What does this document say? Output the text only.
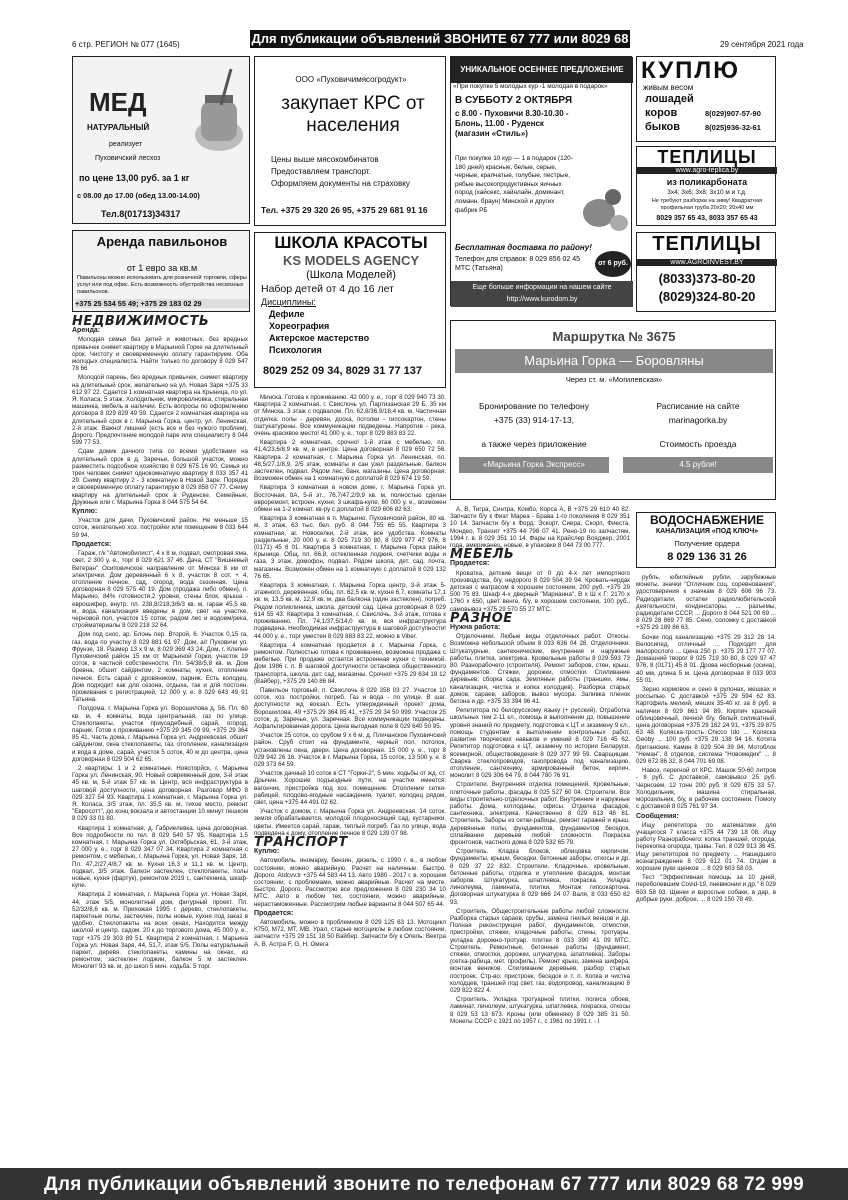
6 стр. РЕГИОН № 077 (1645)	Для публикации объявлений ЗВОНИТЕ 67 777 или 8029 68	29 сентября 2021 года
МЕД
НАТУРАЛЬНЫЙ
реализует
Пуховичский лесхоз
по цене 13,00 руб. за 1 кг
с 08.00 до 17.00 (обед 13.00-14.00)
Тел.8(01713)34317
ООО «Пуховичимясогродукт»
закупает КРС от населения
Цены выше мясокомбинатов
Предоставляем транспорт.
Оформляем документы на страховку
Тел. +375 29 320 26 95, +375 29 681 91 16
УНИКАЛЬНОЕ ОСЕННЕЕ ПРЕДЛОЖЕНИЕ
«При покупке 5 молодых кур -1 молодая в подарок»
В СУББОТУ 2 ОКТЯБРЯ
с 8.00 - Пуховичи 8.30-10.30 - Блонь, 11.00 - Руденск (магазин «Стиль»)
При покупке 10 кур — 1 в подарок (120-180 дней) красные, белые, серые, черные, крапчатые, голубые, пестрые, рябые высокопродуктивных яичных пород (хайсекс, хайнлайн, доминант, ломанн, браун) Минской и других фабрик РБ
Бесплатная доставка по району!
Телефон для справок: 8 029 856 02 45 МТС (Татьяна)
от 6 руб.
Еще больше информации на нашем сайте http://www.kurodom.by
КУПЛЮ
живым весом
лошадей
коров
быков
8(029)907-57-90
8(025)936-32-61
ТЕПЛИЦЫ
www.agro-teplica.by
из поликарбоната
3х4; 3х6; 3х8; 3х10 м и т.д.
Не требуют разборки на зиму! Квадратная профильная труба 20х20; 20х40 мм
8029 357 65 43, 8033 357 65 43
Аренда павильонов
от 1 евро за кв.м
Павильоны можно использовать для розничной торговли, сферы услуг или под офис. Есть возможность обустройства несвязных павильонов.
+375 25 534 55 49; +375 29 183 02 29
ШКОЛА КРАСОТЫ
KS MODELS AGENCY
(Школа Моделей)
Набор детей от 4 до 16 лет
Дисциплины:
Дефиле
Хореография
Актерское мастерство
Психология
8029 252 09 34, 8029 31 77 137
ТЕПЛИЦЫ
www.AGROINVEST.BY
(8033)373-80-20
(8029)324-80-20
Маршрутка № 3675
Марьина Горка — Боровляны
Через ст. м. «Могилевская»
Бронирование по телефону
+375 (33) 914-17-13,
а также через приложение
«Марьина Горка Экспресс»
Расписание на сайте
marinagorka.by
Стоимость проезда
4.5 рубля!
ВОДОСНАБЖЕНИЕ
КАНАЛИЗАЦИЯ «ПОД КЛЮЧ»
Получение ордера
8 029 136 31 26

НЕДВИЖИМОСТЬ

Аренда:

Молодая семья без детей и животных, без вредных привычек снимет квартиру в Марьиной Горке на длительный срок. Чистоту и своевременную оплату гарантируем. Оба молодых специалиста. Найти только по договору 8 029 547 78 66

Молодой парень, без вредных привычек, снимет квартиру на длительный срок, желательно на ул. Новая Заря +375 33 612 97 22. Сдается 1 комнатная квартира на Крыница, по ул. Я. Коласа, 5 этаж. Холодильник, микроволновка, стиральная машинка, мебель в наличии. Есть вопросы по оформлению договора 8 029 829 49 59. Сдается 2 комнатная квартира на длительный срок в г. Марьина Горка, центр, ул. Ленинская, 2-й этаж. Важно! лишней (есть все и без чужого проблем). Дорого. Предпочтение молодой паре или специалисту 8 044 599 77 53.

Сдам домик дачного типа со всеми удобствами на длительный срок в д. Заречье, большой участок, можно разместить подсобное хозяйство 8 029 675 16 90. Семья из трех человек снимет однокомнатную квартиру 8 033 357 41 29. Сниму квартиру 2 - 3 комнатную в Новой Заре. Порядок и своевременную оплату гарантирую 8 029 858 07 77. Сниму квартиру на длительный срок в Руденске. Семейные, Дружные или г. Марьина Горка 8 044 575 54 64.

Куплю:

Участок для дачи, Пуховичский район. Не меньше 15 соток, желательно хоз. постройки или помещение 8 033 644 59 94.

Продается:

Гараж, г/к "Автомобилист", 4 х 8 м, подвал, смотровая яма, свет, 2 300 у. е., торг 8 029 621 37 46. Дача, СТ "Вишневый Ветеран" Осиповичское направление от Минска 8 км от электрички. Дом деревянный 6 х 8, участок 8 сот. + 4, отопление печное, сад, огород, вода сезонная. Цена договорная 8 029 575 40 19. Дом (продажа либо обмен), п. Марьино, 84% готовности,2 уровня, стены блок, крыша - еврошифер, внутр. пл. 238,8/218,3/6/3 кв. м, гараж 45,5 кв. м, вода, канализация введены в дом, свет на участке, черновой пол, участок 15 соток, радом лес и водоем/река, стройматериалы 8 029 218 32 64.

Дом под снос, ар. Блонь пер. Второй, 6. Участок 0,15 га, газ, вода по участку 8 029 881 61 97. Дом, а/г Пуховичи ул. Фрунзе, 18. Размер 13 х 9 м, 8 029 369 43 24. Дом, г. Клепне Пуховичский район 15 км от Марьиной Горки, участок 19 соток, в частной собственности. Пл. 54/38/5,8 кв. м. Дом бревна, обшит сайдингом, 2 комнаты, кухня, отопление печное. Есть сарай с дровяником, парник. Есть колодец. Дом подходит как для сезона, отдыха, так и для постоян. проживания с регистрацией, 12 000 у. е. 8 029 643 49 91 Татьяна.

Полдома, г. Марьина Горка ул. Ворошилова д. 56. Пл. 60 кв. м, 4 комнаты, вода центральная, газ по улице. Стеклопакеты, участок приусадебный, сарай, огород, парник. Готов к проживанию +375 29 345 09 99, +375 29 364 85 41. Часть дома, г. Марьина Горка ул. Андреевская, обшит сайдингом, окна стеклопакеты, газ, отопление, канализация и вода в доме, сарай, участок 5 соток, 40 м до центра, цена договорная 8 029 504 62 65.

2 квартиры: 1 и 2 комнатные. Новоторйск, г. Марьина Горка ул. Ленинская, 90. Новый современный дом, 3-й этаж 45 кв. м, 5-й этаж 57 кв. м. Центр, вся инфраструктура в шаговой доступности, цена договорная. Разговор МФО 8 029 327 54 93. Квартира 1 комнатная, г. Марьина Горка ул. Я. Коласа, 3/5 этаж, пл. 35,5 кв. м, тихое место, ремонт "Евросотт", до конц вокзала и автостанции 10 минут пешком 8 029 33 01 80.

Квартира 1 комнатная, д. Габриелевка, цена договорная. Все подробности по тел. 8 029 540 57 95. Квартира 1,5 комнатная, г. Марьина Горка ул. Октябрьская, 61, 3-й этаж, 27 000 у. е., торг 8 029 347 07 34. Квартира 2 комнатная с ремонтом, с мебелью, г. Марьина Горка, ул. Новая Заря, 18. Пл. 47,2/27,4/8,7 кв. м. Кухня 16,3 и 11,1 кв. м. Центр, подвал, 3/5 этаж, балкон застеклен, стеклопакеты, полы новые, кухня (фартук), ремонтом 2019 г., сантехника, шкаф-купе.

Квартира 2 комнатная, г. Марьина Горка ул. Новая Заря, 44, этаж 5/5, монолитный дом, фигурный проект. Пл. 52/32/8,6 кв. м. Прихожая 1995 г. дерево, стеклопакеты, паркетные полы, застеклен, полы новые, кухня под заказ в удобно. Стеклопакеты на всех окнах, Находится между школой и центр. садом. 20 к до торгового дома, 45 000 у. е., торг +375 29 303 89 51. Квартира 2 комнатная, г. Марьина Горка ул. Новая Заря, 44, 51,7, этаж 5/5. Полы натуральный паркет, деревя. стеклопакеты, камины на окнах, из ремонтом, застеклен лоджии, балкон 5 м застеклен. Монолит 93 кв. м, до школ 5 мин. ходьба. 5 торг.

Минска. Готова к проживанию. 42 000 у. е., торг 8 029 940 73 30. Квартира 2 комнатная, г. Свислочь ул. Партизанская 29 Б, 35 км от Минска. 3 этаж с подвалом. Пл. 62,8/36,9/18,4 кв. м. Частичная отделка: полы - деревян, доска, потолки - гипсокартон, стены оштукатурены. Все коммуникации подведены. Напротив - река, очень красивое место! 41 000 у. е., торг 8 029 883 83 22.

Квартира 2 комнатная, срочно! 1-й этаж с мебелью, пл. 41,4/23,6/8,9 кв. м, в центре. Цена договорная 8 029 650 72 56. Квартира 2 комнатная, г. Марьина Горка ул. Ленинская, пл. 48,5/27,1/8,9, 2/5 этаж, комнаты и сан узел раздельные, балкон застеклен, подвал. Рядом лес, банк, магазины. Цена договорная. Возможен обмен на 1 комнатную с доплатой 8 029 674 19 59.

Квартира 3 комнатная в новом доме, г. Марьина Горка ул. Восточная, 8А, 5-й эт., 76,7/47,2/9,9 кв. м, полностью сделан евроремонт, встроен. кухня, 3 шкафа-купе, 60 000 у. е., возможен обмен на 1-2 комнат. кв-ру с доплатой 8 029 606 82 63.

Квартира 3 комнатная в п. Марьино, Пуховичский район, 80 кв. м, 3 этаж, 63 тыс. бел. руб. 8 044 755 65 55. Квартира 3 комнатная, аг. Новоселки, 2-й этаж, все удобства. Комнаты раздельные, 20 000 у. е. 8 025 719 30 80, 8 029 977 47 976, 8 (0171) 45 8 01. Квартира 3 комнатная, г. Марьина Горка район Крынице. Общ. пл. 66,8, остекленная лоджия, счетчики воды и газа, 3 этаж, домофон, подвал. Рядом школа, дет. сад, почта, магазины. Возможен обмен на 1 комнатную с доплатой 8 029 132 76 65.

Квартира 3 комнатная, г. Марьина Горка центр, 3-й этаж 5-этажного, деревянная, общ. пл. 62,5 кв. м, кухня 6,7, комнаты 17,1 кв. м, 13,5 кв. м, 12,9 кв. м, два балкона (один застеклен), погреб. Рядом поликлиника, школа, детский сад. Цена договорная 8 029 614 55 43. Квартира 3 комнатная, г. Свислочь, 3-й этаж, готова к проживанию. Пл. 74,1/37,5/14,0 кв. м, вся инфраструктура подведена. Необходимая инфраструктура в шаговой доступности! 44 000 у. е., торг уместен 8 029 883 83 22, можно в Viber.

Квартира 4 комнатная продается в г. Марьина Горка, с ремонтом. Полностью готова к проживанию, возможна продажа с мебелью. При продаже остается встроенная кухня с техникой. Дом 1986 г. п. В шаговой доступности остановка общественного транспорта, школа, дет. сад, магазины. Срочно! +375 29 634 18 12 (Вайбер), +375 29 140 86 84.

Павильон торговый, п. Свислочь 8 029 358 03 27. Участок 10 соток, хоз. постройки, погреб. Газ и вода - по улице. В шаг. доступности жд вокзал. Есть утвержденный проект дома, Ворошилова, 49 +375 29 364 85 41, +375 29 34 50 999. Участок 25 соток, д. Заречье, ул. Заречная. Все коммуникации подведены. Асфальтированная дорога. Цена выгодная поле 8 029 640 50 95.

Участок 25 соток, со срубом 9 х 6 м, д. Пличанское Пуховичский район. Сруб стоит на фундаменте, черный пол, потолок, установлены окна, двери. Цена договорная. 15 000 у. е., торг 8 029 942 26 16. Участок в г. Марьина Горка, 15 соток, 13 500 у. е. 8 029 373 64 59.

Участок дачный 10 соток в СТ "Горки-2", 5 мин. ходьбы от жд. ст. Дрычин. Хорошие подъездные пути, на участке имеется: вагончик, пристройка под хоз. помещение. Отопление сетки-рабицей, плодово-ягодные насаждения, туалет, колодец рядом, свет, цена +375 44 491 02 62.

Участок с домом, г. Марьина Горка ул. Андреевская, 14 соток, земля обрабатывается, молодой плодоносящий сад, кустарники, цветы. Имеется сарай, гараж, теплый погреб. Газ по улице, вода подведена к дому, отопление печное 8 029 139 07 98.

ТРАНСПОРТ

Куплю:

Автомобиль, иномарку, бензин, дизель, с 1990 г. в., в любом состоянии, можно аварийную. Расчет на наличные. Быстро. Дорого. Atdcvv.tr +375 44 583 44 13. Авто 1980 - 2017 г. в. хорошем состоянии, с проблемами, можно аварийные. Расчет на месте. Быстро. Дорого. Рассмотрю все предложения 8 029 230 34 10 МТС. Авто в любом тех. состоянии, можно аварийные, нерастаможенные. Рассмотрим любые варианты 8 044 507 65 44.

Продается:

Автомобиль, можно в проблемном 8 029 125 63 13. Мотоцикл К750, М72, МТ, МВ, Урал, старые мотоциклы в любом состоянии, запчасти +375 29 151 18 50 Вайбер. Запчасти б/у к Опель: Вектра А, В, Астра F, G, Н, Омега

А, В, Тигра, Синтра, Комбо, Корса А, В +375 29 610 40 82. Запчасти б/у к Фиат Мареа - Брава 1-го поколения 8 029 351 10 14. Запчасти б/у к Форд: Эскорт, Сиера, Скорп, Фиеста, Мондео, Транзит +375 44 798 07 41. Рено-19 по запчастям, 1994 г. в. 8 029 351 10 14. Фары на Крайслер Вояджер, 2001 года, американец, новые, в упаковке 8 044 73 00 777.

МЕБЕЛЬ

Продается:

Кроватка, детские вещи от 0 до 4-х лет импортного производства, б/у, недорого 8 029 504 39 94. Кровать-чердак детская с матрасом в хорошем состоянии, 200 руб. +375 29 500 75 83. Шкаф 4-х дверный "Марианна", В х Ш х Г: 2170 х 1760 х 650, цвет венге, б/у, в хорошем состоянии, 100 руб., самовывоз +375 29 570 55 27 МТС.

РАЗНОЕ

Нужна работа:

Отделочники. Любые виды отделочных работ. Откосы. Возможна небольшой объем 8 033 636 04 28. Отделочники. Штукатурные, сантехнические, внутренние и наружные работы, плитка, электрика. Кровельные работы 8 029 593 73 80. Разнорабочего (строителя). Ремонт заборов, стен, крыш, фундаментов. Стяжки, дорожки, отмостки. Спиливание деревьев, сборка сада. Земляные работы (траншеи, ямы, канализация, чистка и копка колодцев). Разборка старых домов, сараев, заборов, вывоз мусора. Заливка пленок бетона и др. +375 33 394 96 41.

Репетитора по белорусскому языку (+ русский). Отработка школьных тем 2-11 кл., помощь в выполнении дз, повышение уровня знаний по предмету, подготовка к ЦТ и экзамену 9 кл., помощь студентам в выполнении контрольных работ, развитие творческих навыков и умений 8 029 716 45 62. Репетитор подготовка к ЦТ, экзамену по истории Беларуси, всемирной, обществоведения 8 029 377 99 59. Сварщицам. Сварка стеклопроводов, газопровода под канализацию, отопление, сантехнику, армированный бетон, кирпич, монолит 8 029 306 64 79, 8 044 780 76 91.

Строители. Внутренняя отделка помещений. Кровельные, плиточные работы, фасады 8 025 527 60 04. Строители. Все виды строительно-отделочных работ. Внутренние и наружные работы. Дома, котлоданы, офисы. Отделка фасадов, сантехника, электрика. Качественно 8 029 613 48 81. Строитель. Заборы из сетки-рабицы, ремонт гаражей и крыш, деревянные полы, фундаментов, фундаментов беседок, сплайвание деревьев любой сложности. Покраска фронтонов, частного дома 8 029 532 65 79.

Строитель. Кладка блоков, облицовка кирпичом, фундаменты, крыши, беседки, бетонные заборы, откосы и др. 8 029 37 22 832. Строители. Кладочные, кровельные, бетонные работы, отделка и утепление фасадов, монтаж заборов. Штукатурка, шпатлевка, покраска. Укладка линолеума, ламината, плитки. Монтаж гипсокартона. Договорная штукатурка 8 029 666 24 07 Валя, 8 033 650 82 93.

Строитель. Общестроительные работы любой сложности. Разборка старых сараев, срубы, замена гнилых венцов и др. Полная реконструкция работ, фундаментов, отмостки, пристройки, стяжки, кладочные работы, стены, тротуары, укладка дорожно-тротуар. плитки 8 033 390 41 09 МТС. Строитель. Ремонтные, бетонные работы (фундамент, стяжки, отмостки, дорожки, штукатурка, шпатлевка). Заборы (сетка-рабица, мет. профиль). Ремонт крыш, замена шифера, монтаж веников. Спиливание деревьев, разбор старых построек. Стр-во: пристроек, беседок и т. п. Копка и чистка колодцев, траншей под свет, газ, водопровод, канализацию 8 029 822 822 4.

Строитель. Укладка тротуарной плитки, полиса обоев, ламинат, линолеум, штукатурка, шпатлевка, покраска, откосы 8 029 53 13 673. Кроны (или обменяю) 8 029 385 31 50. Монеты СССР с 1921 по 1957 г., с 1961 по 1991 г. - I

рубль, юбилейные рубли, зарубежные монеты, значки "Отличник соц. соревнования", удостоверения к значкам 8 029 606 96 73. Радиодетали, остатки радиолюбительской деятельности, конденсаторы, ... разъемы, радиодетали СССР, ... Дорого 8 044 521 00 69 ... 8 029 28 869 77 85. Сено, соломку с доставкой +375 29 189 86 63.

Бочки под канализацию +375 29 312 28 14. Велосипед, отличный ... Подходит для малорослого ... Цена 250 р. +375 29 177 77 07. Домашний творог 8 025 719 30 80, 8 029 97 47 976, 8 (0171) 45 8 01. Дрова несборные (осина), 40 мм, длина 5 м. Цена договорная 8 033 903 55 01.

Зерно кормовое и сено в рулонах, мешках и россыпью. С доставкой +375 29 594 62 83. Картофель мелкий, мешок 35-40 кг. за 8 руб. в наличии 8 029 661 94 89. Кирпич красный облицовочный, печной б/у, белый силикатный, цена договорная +375 29 162 24 91, +375 29 875 63 48. Коляска-трость Chicco Ido ... Коляска Geoby ... 100 руб. +375 29 138 94 16. Котята британские. Камин 8 029 504 39 94. Мотоблок "Неман", 8 отделов, система "Новомедик" ... 8 029 672 86 32, 8 044 701 69 08.

Навоз, перегной от КРС. Машок 50-60 литров - 8 руб. С доставкой, самовывоз 25 руб. Чернозем, 12 тонн 200 руб. 8 029 675 33 57. Холодильник, машина стиральная, морозильник, б/у, в рабочем состоянии. Помогу с доставкой 8 025 761 97 34.

Сообщения:

Ищу репетитора по математике для учащегося 7 класса +375 44 739 18 08. Ищу работу Разнорабочего: копка траншей, огорода, перекопка огорода, травы. Тел. 8 029 913 36 45. Ищу репетиторов по предмету ... Нашедшего вознаграждение 8 029 612 01 74. Отдам в хорошие руки щенков ... 8 029 603 58 03.

Тест "Эффективная помощь за 10 дней, переболевшим Covid-19, пневмонии и др." 8 029 603 58 03. Щенки и взрослые собаки, в дар, в добрые руки, доброе, ... 8 029 150 78 49.

Для публикации объявлений звоните по телефонам 67 777 или 8029 68 72 999
